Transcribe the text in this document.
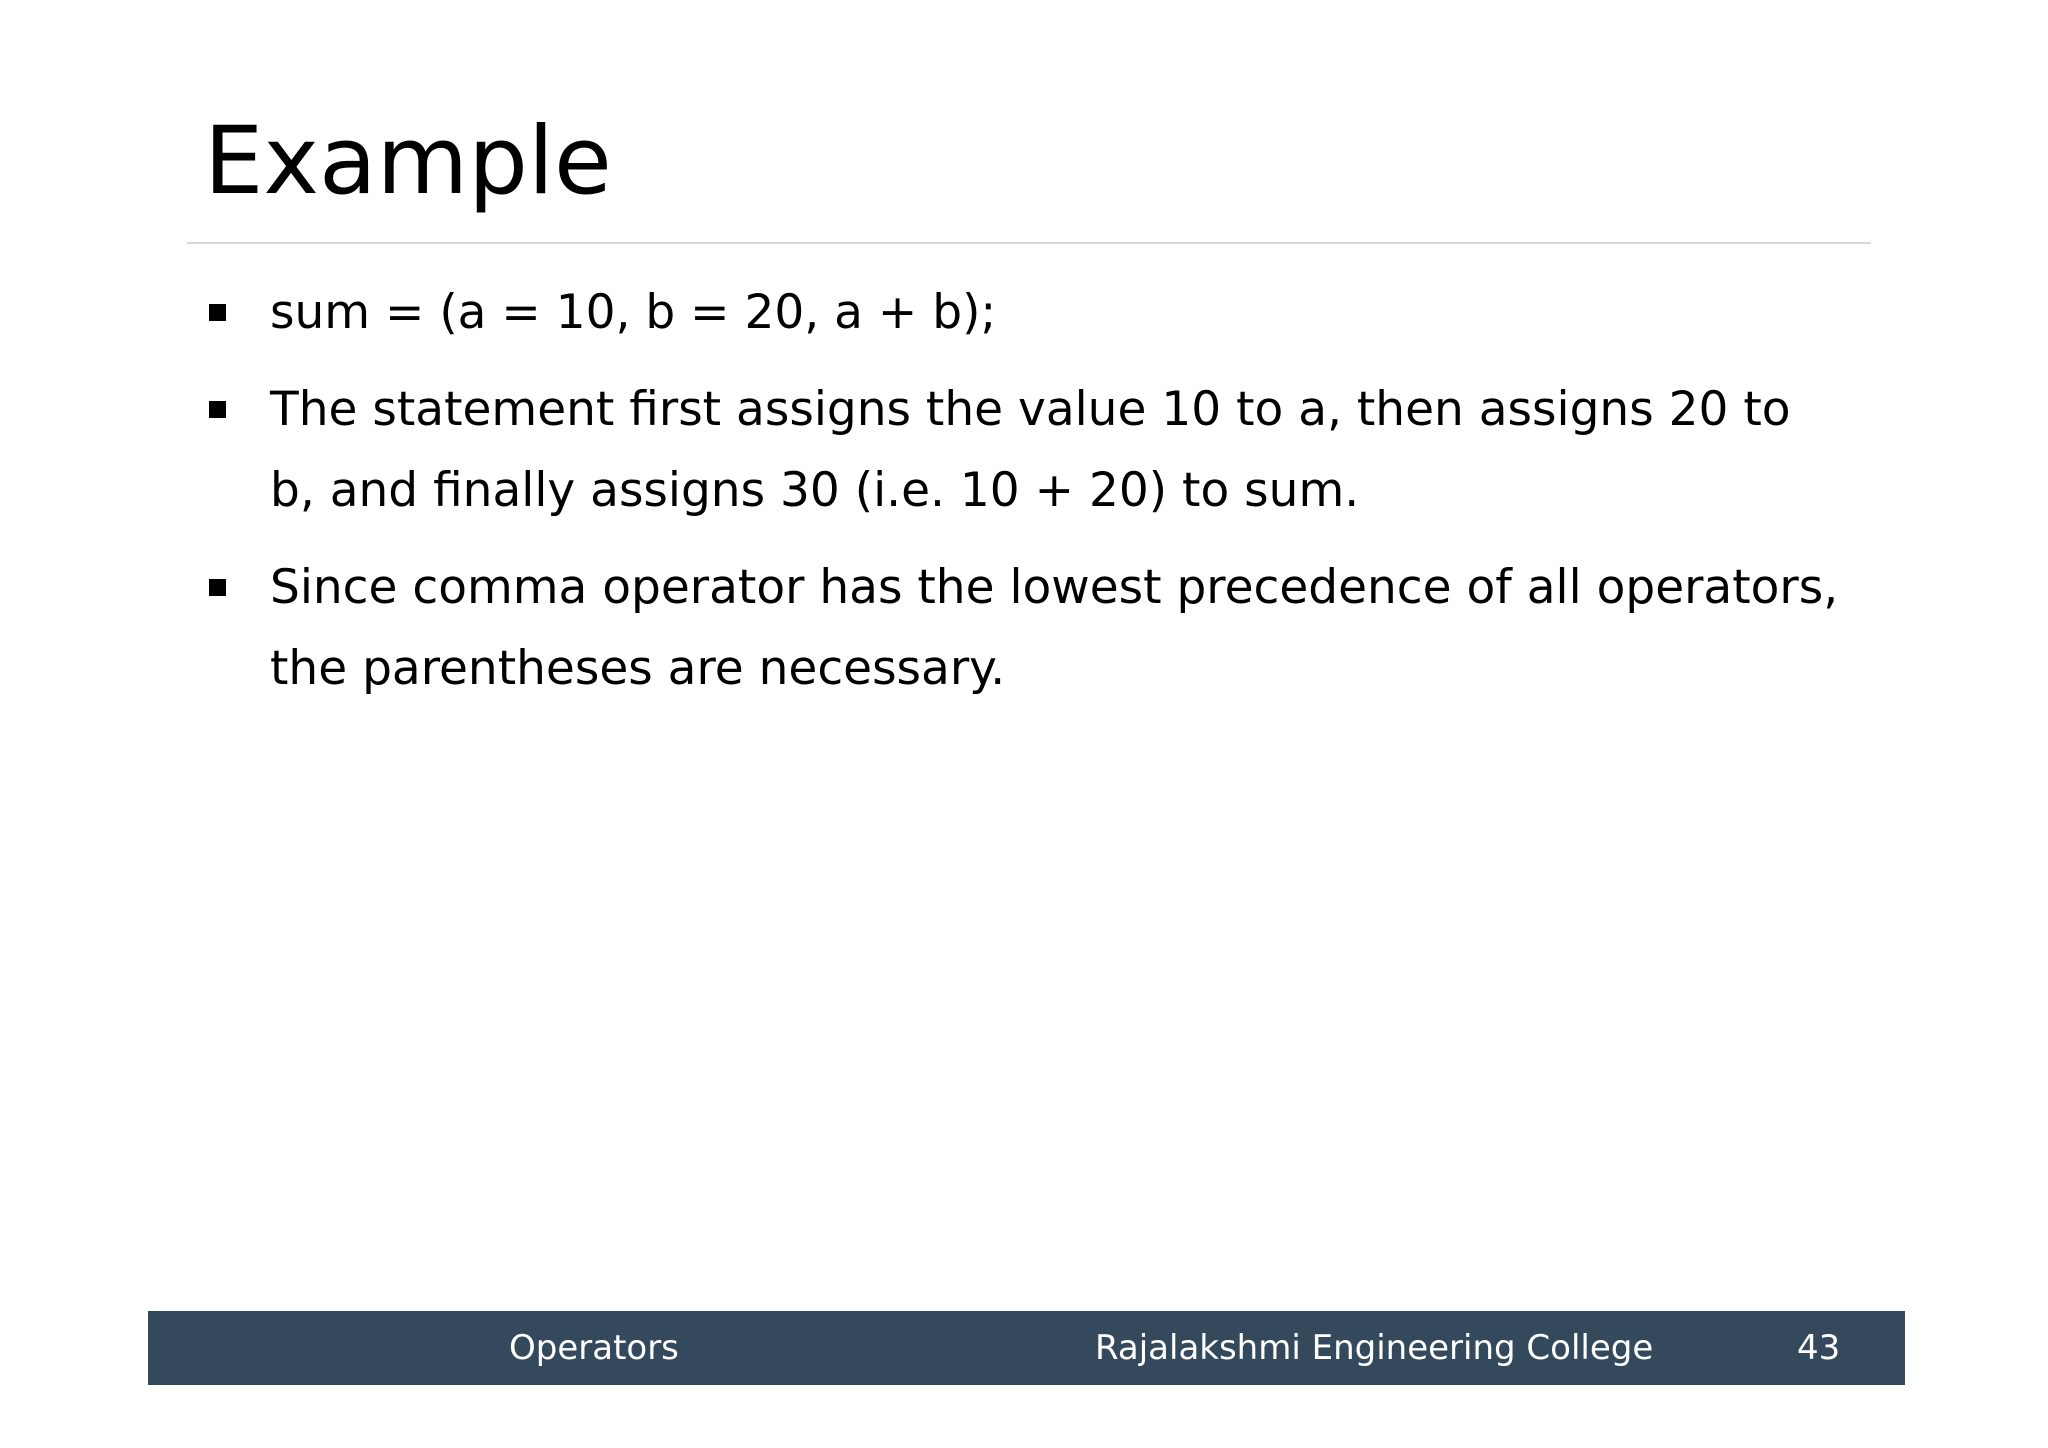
Example
sum = (a = 10, b = 20, a + b);
The statement first assigns the value 10 to a, then assigns 20 to b, and finally assigns 30 (i.e. 10 + 20) to sum.
Since comma operator has the lowest precedence of all operators, the parentheses are necessary.
Operators	Rajalakshmi Engineering College	43
